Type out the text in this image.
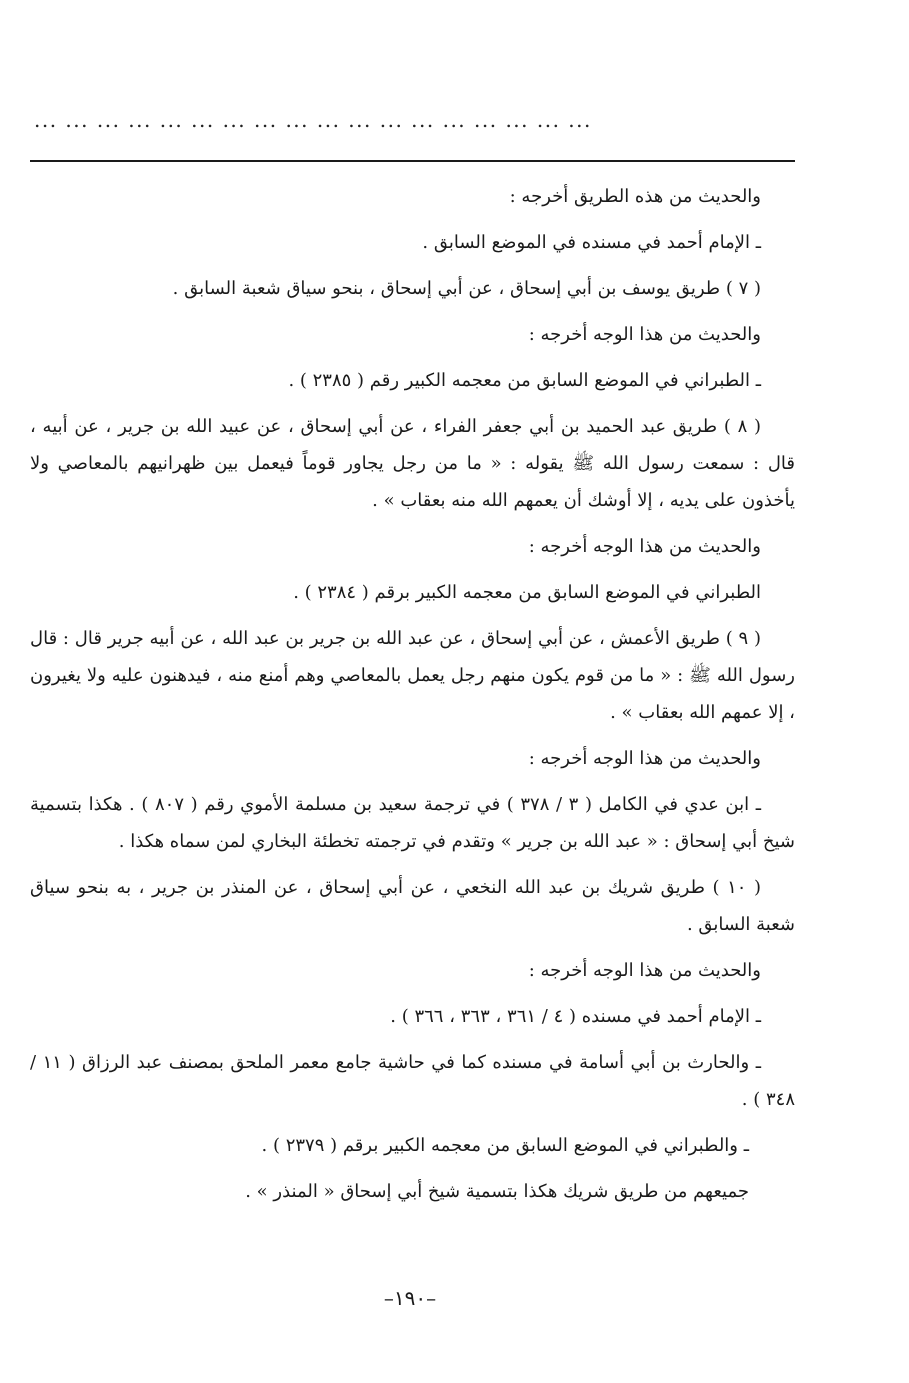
... ... ... ... ... ... ... ... ... ... ... ... ... ... ... ... ... ...

والحديث من هذه الطريق أخرجه :

ـ الإمام أحمد في مسنده في الموضع السابق .

( ٧ ) طريق يوسف بن أبي إسحاق ، عن أبي إسحاق ، بنحو سياق شعبة السابق .

والحديث من هذا الوجه أخرجه :

ـ الطبراني في الموضع السابق من معجمه الكبير رقم ( ٢٣٨٥ ) .

( ٨ ) طريق عبد الحميد بن أبي جعفر الفراء ، عن أبي إسحاق ، عن عبيد الله بن جرير ، عن أبيه ، قال : سمعت رسول الله ﷺ يقوله : « ما من رجل يجاور قوماً فيعمل بين ظهرانيهم بالمعاصي ولا يأخذون على يديه ، إلا أوشك أن يعمهم الله منه بعقاب » .

والحديث من هذا الوجه أخرجه :

الطبراني في الموضع السابق من معجمه الكبير برقم ( ٢٣٨٤ ) .

( ٩ ) طريق الأعمش ، عن أبي إسحاق ، عن عبد الله بن جرير بن عبد الله ، عن أبيه جرير قال : قال رسول الله ﷺ : « ما من قوم يكون منهم رجل يعمل بالمعاصي وهم أمنع منه ، فيدهنون عليه ولا يغيرون ، إلا عمهم الله بعقاب » .

والحديث من هذا الوجه أخرجه :

ـ ابن عدي في الكامل ( ٣ / ٣٧٨ ) في ترجمة سعيد بن مسلمة الأموي رقم ( ٨٠٧ ) . هكذا بتسمية شيخ أبي إسحاق : « عبد الله بن جرير » وتقدم في ترجمته تخطئة البخاري لمن سماه هكذا .

( ١٠ ) طريق شريك بن عبد الله النخعي ، عن أبي إسحاق ، عن المنذر بن جرير ، به بنحو سياق شعبة السابق .

والحديث من هذا الوجه أخرجه :

ـ الإمام أحمد في مسنده ( ٤ / ٣٦١ ، ٣٦٣ ، ٣٦٦ ) .

ـ والحارث بن أبي أسامة في مسنده كما في حاشية جامع معمر الملحق بمصنف عبد الرزاق ( ١١ / ٣٤٨ ) .

ـ والطبراني في الموضع السابق من معجمه الكبير برقم ( ٢٣٧٩ ) .

جميعهم من طريق شريك هكذا بتسمية شيخ أبي إسحاق « المنذر » .

–١٩٠–
